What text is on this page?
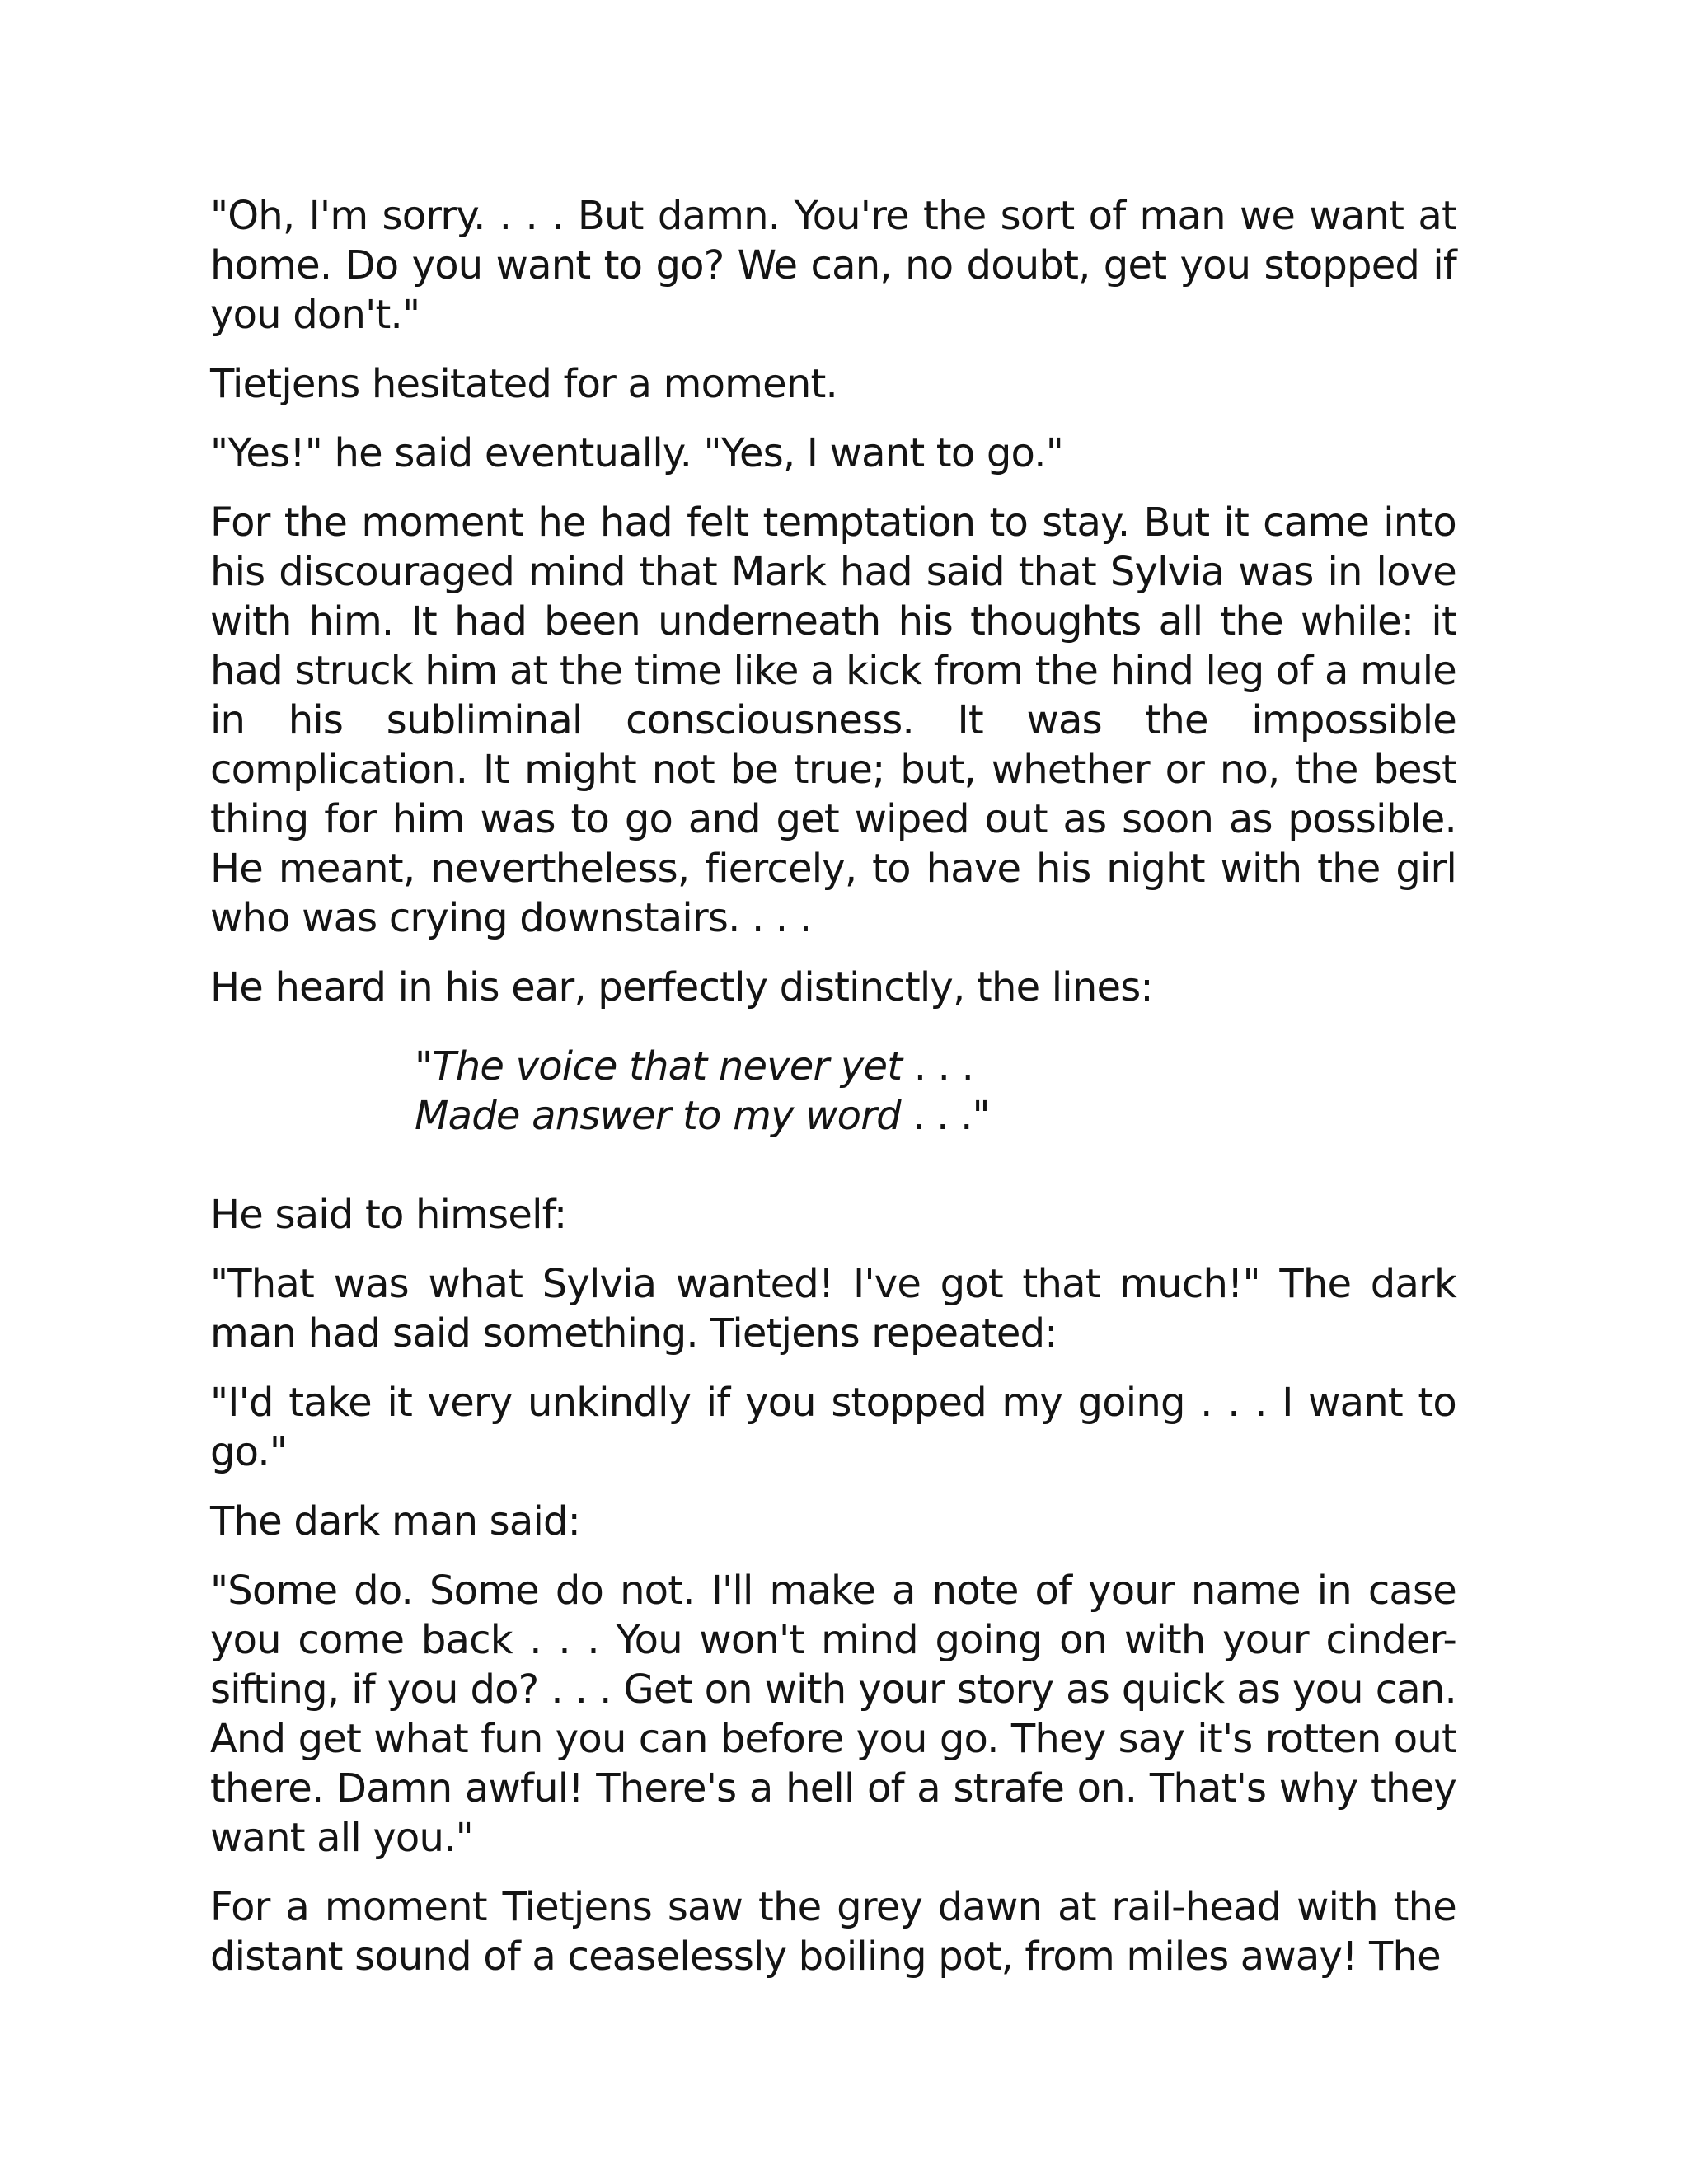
"Oh, I'm sorry. . . . But damn. You're the sort of man we want at home. Do you want to go? We can, no doubt, get you stopped if you don't."

Tietjens hesitated for a moment.

"Yes!" he said eventually. "Yes, I want to go."

For the moment he had felt temptation to stay. But it came into his discouraged mind that Mark had said that Sylvia was in love with him. It had been underneath his thoughts all the while: it had struck him at the time like a kick from the hind leg of a mule in his subliminal consciousness. It was the impossible complication. It might not be true; but, whether or no, the best thing for him was to go and get wiped out as soon as possible. He meant, nevertheless, fiercely, to have his night with the girl who was crying downstairs. . . .

He heard in his ear, perfectly distinctly, the lines:

"The voice that never yet . . .
Made answer to my word . . ."

He said to himself:

"That was what Sylvia wanted! I've got that much!" The dark man had said something. Tietjens repeated:

"I'd take it very unkindly if you stopped my going . . . I want to go."

The dark man said:

"Some do. Some do not. I'll make a note of your name in case you come back . . . You won't mind going on with your cinder-sifting, if you do? . . . Get on with your story as quick as you can. And get what fun you can before you go. They say it's rotten out there. Damn awful! There's a hell of a strafe on. That's why they want all you."

For a moment Tietjens saw the grey dawn at rail-head with the distant sound of a ceaselessly boiling pot, from miles away! The
